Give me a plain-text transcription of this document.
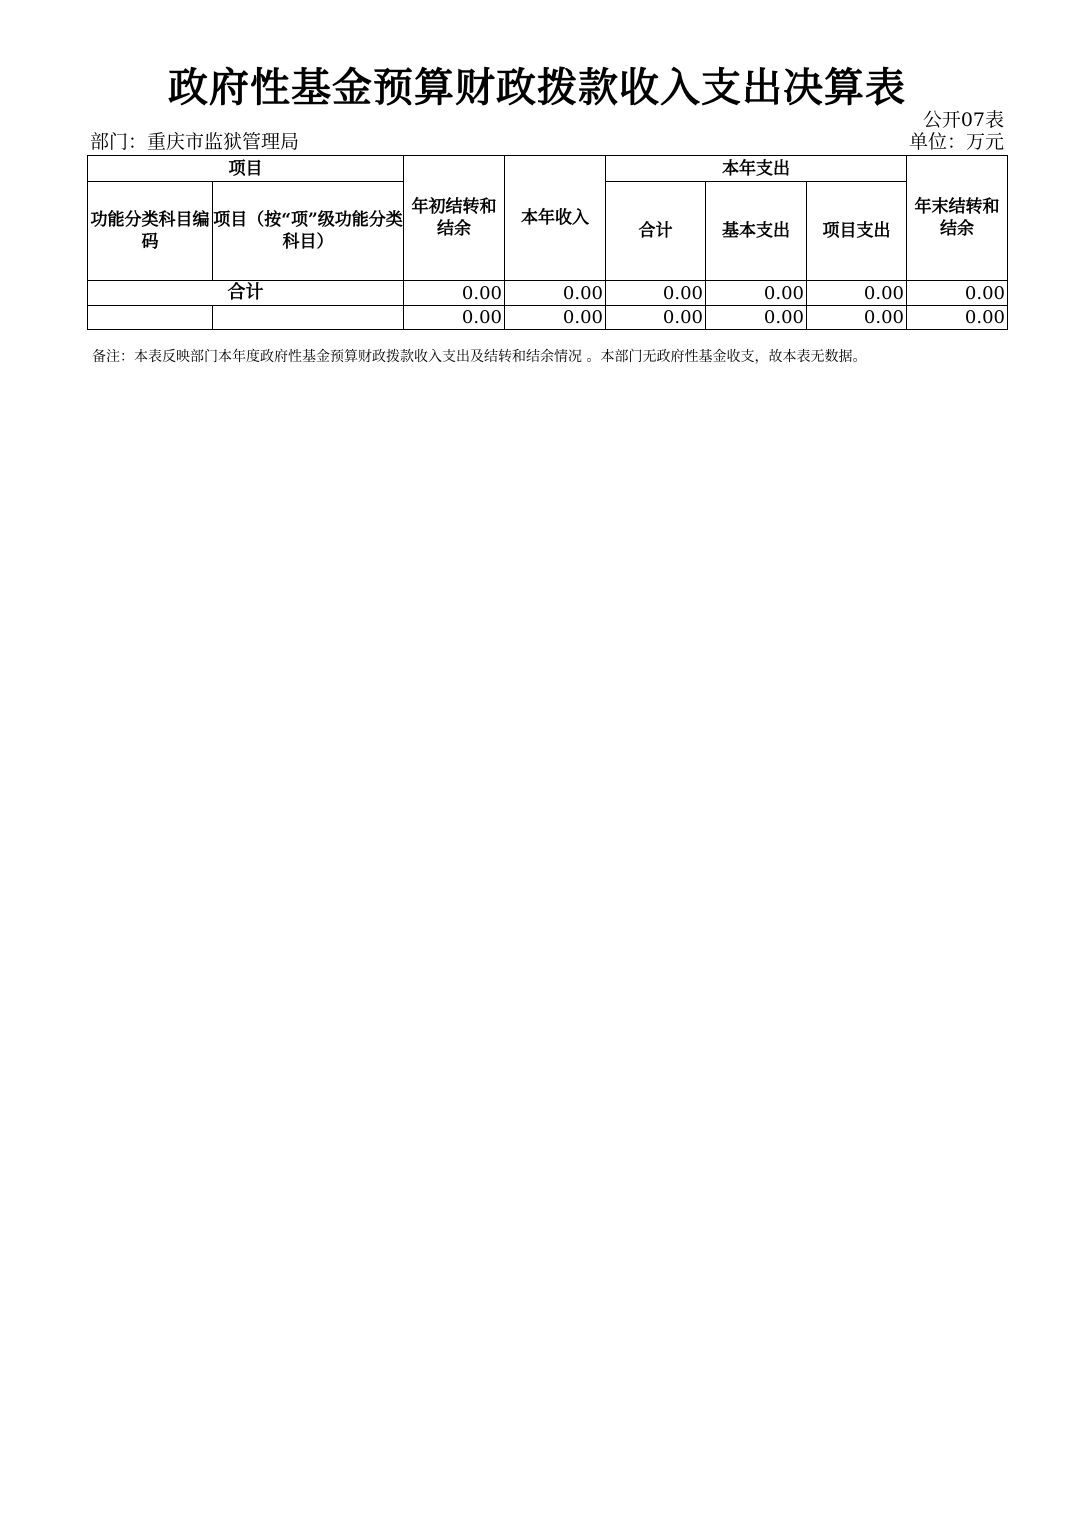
政府性基金预算财政拨款收入支出决算表
公开07表
部门：重庆市监狱管理局	单位：万元
项目		年初结转和结余	本年收入	本年支出			年末结转和结余
功能分类科目编码	项目（按“项”级功能分类科目）			合计	基本支出	项目支出	
合计		0.00	0.00	0.00	0.00	0.00	0.00
		0.00	0.00	0.00	0.00	0.00	0.00
备注：本表反映部门本年度政府性基金预算财政拨款收入支出及结转和结余情况 。本部门无政府性基金收支，故本表无数据。
